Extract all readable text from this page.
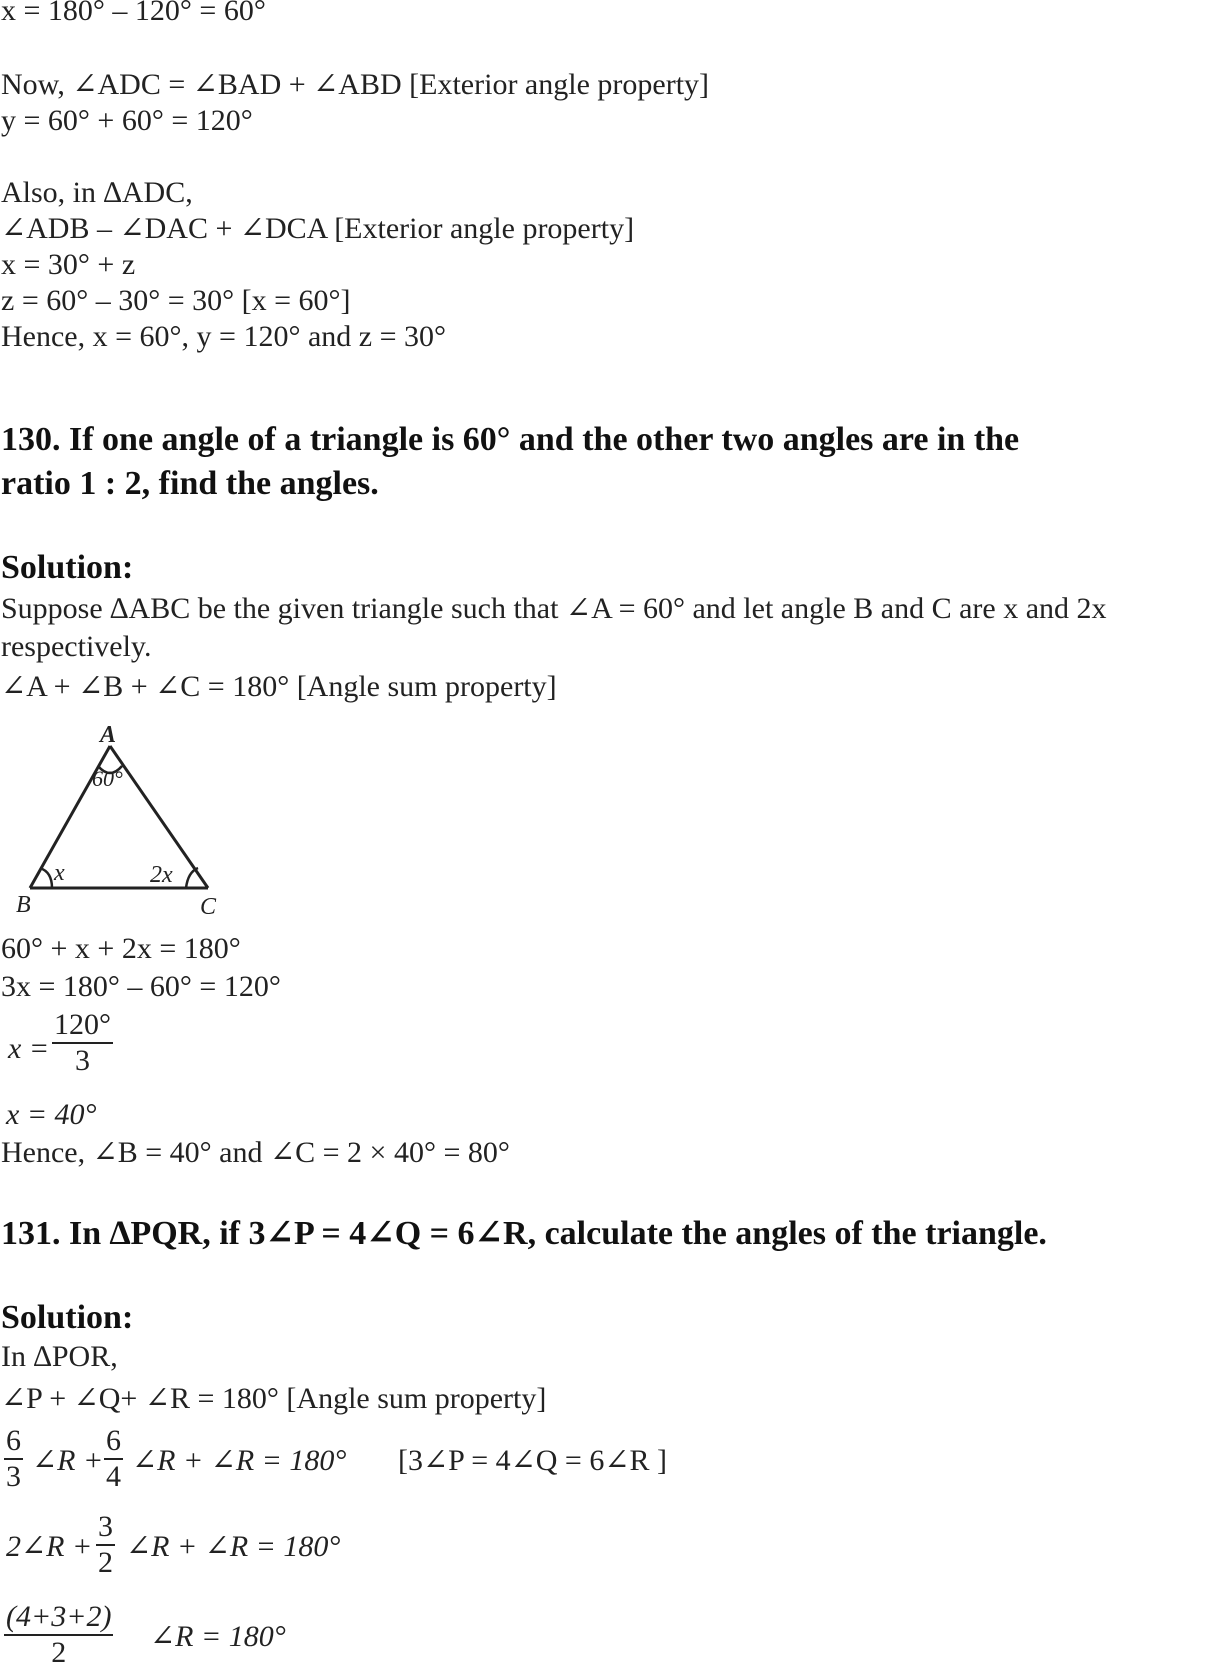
x = 180° – 120° = 60°
Now, ∠ADC = ∠BAD + ∠ABD [Exterior angle property]
y = 60° + 60° = 120°
Also, in ∆ADC,
∠ADB – ∠DAC + ∠DCA [Exterior angle property]
x = 30° + z
z = 60° – 30° = 30° [x = 60°]
Hence, x = 60°, y = 120° and z = 30°
130. If one angle of a triangle is 60° and the other two angles are in the
ratio 1 : 2, find the angles.
Solution:
Suppose ∆ABC be the given triangle such that ∠A = 60° and let angle B and C are x and 2x
respectively.
∠A + ∠B + ∠C = 180° [Angle sum property]
A
60°
x	2x
B	C
60° + x + 2x = 180°
3x = 180° – 60° = 120°
x =
120°
3
x = 40°
Hence, ∠B = 40° and ∠C = 2 × 40° = 80°
131. In ∆PQR, if 3∠P = 4∠Q = 6∠R, calculate the angles of the triangle.
Solution:
In ∆POR,
∠P + ∠Q+ ∠R = 180° [Angle sum property]
6
3 ∠R +
6
4 ∠R + ∠R = 180° [3∠P = 4∠Q = 6∠R ]
2∠R +
3
2 ∠R + ∠R = 180°
(4+3+2)
2	∠R = 180°
